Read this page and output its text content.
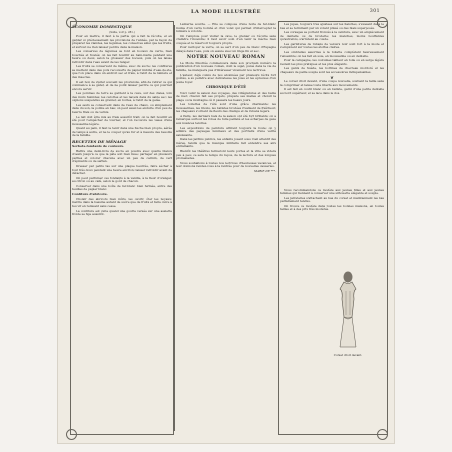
LA MODE ILLUSTRÉE	301
ÉCONOMIE DOMESTIQUE
(Suite, voir p. 281.)
Pour en mettre, il faut à la partie qui a fait la récolte, et en garder si précieusement les provisions de l'année, par la façon de préparer les viandes, les légumes, les conserves ainsi que les fruits, et surtout ne rien laisser perdre dans la maison.
Les conserves de légumes se font en bocaux de verre, bien bouchés et ficelés; on les fait bouillir au bain-marie pendant une heure ou deux, selon la grosseur des bocaux, puis on les laisse refroidir dans l'eau avant de les ranger.
Les fruits se conservent de même, avec du sucre; les confitures se mettent dans des pots recouverts de papier imbibé d'eau-de-vie, que l'on place dans un endroit sec et frais, à l'abri de la lumière et des insectes.
Il est bon de visiter souvent les provisions, afin de retirer ce qui commence à se gâter, et de ne point laisser perdre ce qui pourrait encore servir.
Les pommes de terre se gardent à la cave, sur des claies, loin des murs humides; les carottes et les navets dans du sable sec; les oignons suspendus au grenier, en bottes, à l'abri de la gelée.
Les œufs se conservent dans de l'eau de chaux, ou simplement dans du son, la pointe en bas; on peut aussi les enduire d'un peu de beurre frais ou de vernis.
Le lait doit être mis au frais aussitôt trait; on le fait bouillir en été pour l'empêcher de tourner, et l'on recouvre les vases d'une mousseline légère.
Quant au pain, il faut le tenir dans une huche bien propre, aérée de temps à autre, et ne le couper qu'au fur et à mesure des besoins de la famille.
RECETTES DE MÉNAGE
Sorbets-fondants de couleurs.
Battre une demi-livre de sucre en poudre avec quatre blancs d'œufs jusqu'à ce que la pâte soit bien lisse; partager en plusieurs parties et colorer chacune avec un peu de carmin, de vert d'épinards ou de safran.
Dresser par petits tas sur une plaque beurrée, faire sécher à four très doux pendant une heure environ; laisser refroidir avant de détacher.
On peut parfumer ces fondants à la vanille, à la fleur d'oranger, au citron ou au café, selon le goût de chacun.
Conserver dans une boîte de fer-blanc bien fermée, entre des feuilles de papier blanc.
Confiture d'abricots.
Choisir des abricots bien mûrs, les ouvrir, ôter les noyaux; mettre dans la bassine autant de sucre que de fruits et faire cuire à feu vif en remuant sans cesse.
La confiture est cuite quand une goutte versée sur une assiette froide se fige aussitôt.
Lanterne sourde. — Elle se compose d'une boîte de fer-blanc munie d'un verre bombé et d'un volet qui permet d'intercepter la lumière à volonté.
On l'emploie pour visiter la cave, le grenier ou l'écurie sans craindre l'incendie; il faut avoir soin d'en tenir la mèche bien coupée et le réservoir toujours propre.
Pour nettoyer le verre, on se sert d'un peu de blanc d'Espagne délayé dans l'eau, puis on essuie avec un linge fin et sec.
NOTRE NOUVEAU ROMAN
La Mode Illustrée commencera dans son prochain numéro la publication d'un nouveau roman, dont le sujet, puisé dans la vie de famille, ne manquera pas d'intéresser vivement nos lectrices.
L'auteur, déjà connu de nos abonnées par plusieurs récits fort goûtés, a su peindre avec délicatesse les joies et les épreuves d'un jeune foyer.
CHRONIQUE D'ÉTÉ
Voici venir la saison des voyages, des villégiatures et des bains de mer; chacun fait ses projets, prépare ses malles et choisit la plage ou la montagne où il passera les beaux jours.
Les toilettes de l'été sont d'une grâce charmante: les mousselines, les linons, les batistes brodées rivalisent de fraîcheur; les chapeaux s'ornent de fleurs des champs et de rubans légers.
A Paris, les derniers bals de la saison ont été fort brillants; on a remarqué surtout les robes de tulle pailleté et les écharpes de gaze aux nuances tendres.
Les expositions de peinture attirent toujours la foule; on y admire des paysages lumineux et des portraits d'une vérité saisissante.
Dans les jardins publics, les enfants jouent sous l'œil attentif des mères, tandis que la musique militaire fait entendre ses airs entraînants.
Bientôt les théâtres fermeront leurs portes et la ville se videra peu à peu; ce sera le temps du repos, de la lecture et des longues promenades.
Nous souhaitons à toutes nos lectrices d'heureuses vacances, et leur donnons rendez-vous à la rentrée pour de nouvelles causeries.
MARIE DE ***.
Les jupes, toujours très ajustées sur les hanches, s'évasent dans le bas et se terminent par un volant plissé ou des biais superposés.
Les corsages se portent froncés à la ceinture, avec un empiècement de dentelle ou de broderie; les manches, moins bouffantes qu'autrefois, s'arrêtent au coude.
Les garnitures de rubans de velours noir sont fort à la mode et s'emploient sur toutes les étoffes claires.
Les ombrelles assorties à la toilette complètent heureusement l'ensemble; on les fait en soie, en mousseline ou en dentelle.
Pour la campagne, les costumes tailleur en toile ou en serge légère restent les plus pratiques et les plus élégants.
Les gants de Suède, les bottines de chevreau mordoré et les chapeaux de paille souple sont les accessoires indispensables.
❦
Le corset droit devant, d'une coupe nouvelle, soutient la taille sans la comprimer et laisse toute liberté aux mouvements.
Il est fait en coutil blanc ou en batiste, garni d'une petite dentelle au bord supérieur, et se lace dans le dos.
Nous recommandons ce modèle aux jeunes filles et aux jeunes femmes qui tiennent à conserver une silhouette élégante et souple.
Les jarretelles s'attachent au bas du corset et maintiennent les bas parfaitement tendus.
On trouve ce modèle dans toutes les bonnes maisons, en toutes tailles et à des prix très modérés.
Corset droit devant.
